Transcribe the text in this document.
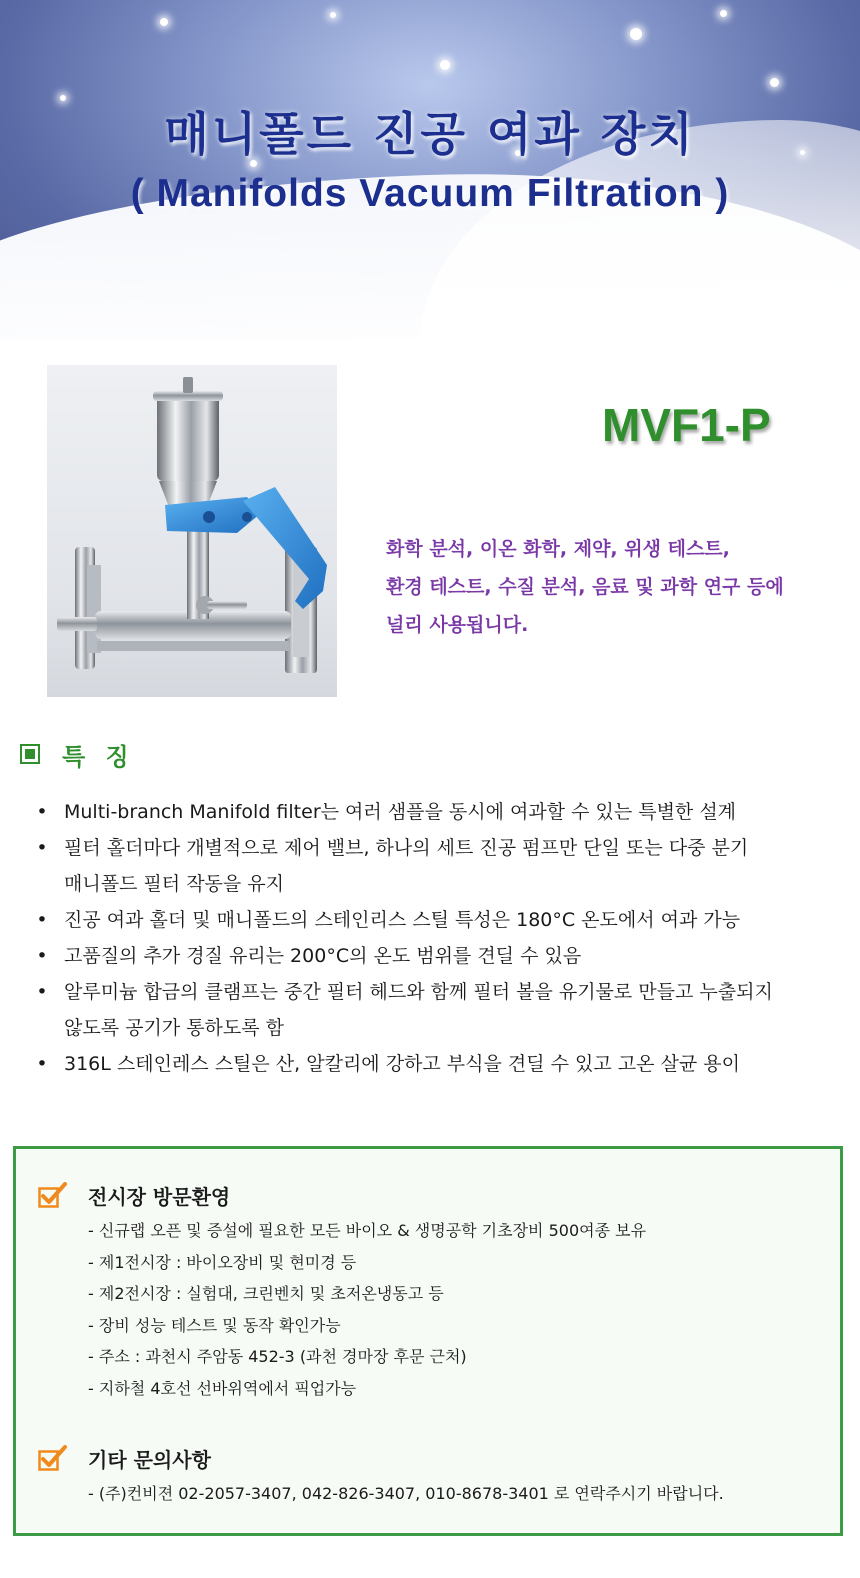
매니폴드 진공 여과 장치
( Manifolds Vacuum Filtration )
MVF1-P
화학 분석, 이온 화학, 제약, 위생 테스트,
환경 테스트, 수질 분석, 음료 및 과학 연구 등에
널리 사용됩니다.
특 징
• Multi-branch Manifold filter는 여러 샘플을 동시에 여과할 수 있는 특별한 설계
• 필터 홀더마다 개별적으로 제어 밸브, 하나의 세트 진공 펌프만 단일 또는 다중 분기
매니폴드 필터 작동을 유지
• 진공 여과 홀더 및 매니폴드의 스테인리스 스틸 특성은 180°C 온도에서 여과 가능
• 고품질의 추가 경질 유리는 200°C의 온도 범위를 견딜 수 있음
• 알루미늄 합금의 클램프는 중간 필터 헤드와 함께 필터 볼을 유기물로 만들고 누출되지
않도록 공기가 통하도록 함
• 316L 스테인레스 스틸은 산, 알칼리에 강하고 부식을 견딜 수 있고 고온 살균 용이
전시장 방문환영
- 신규랩 오픈 및 증설에 필요한 모든 바이오 & 생명공학 기초장비 500여종 보유
- 제1전시장 : 바이오장비 및 현미경 등
- 제2전시장 : 실험대, 크린벤치 및 초저온냉동고 등
- 장비 성능 테스트 및 동작 확인가능
- 주소 : 과천시 주암동 452-3 (과천 경마장 후문 근처)
- 지하철 4호선 선바위역에서 픽업가능
기타 문의사항
- (주)컨비젼 02-2057-3407, 042-826-3407, 010-8678-3401 로 연락주시기 바랍니다.
